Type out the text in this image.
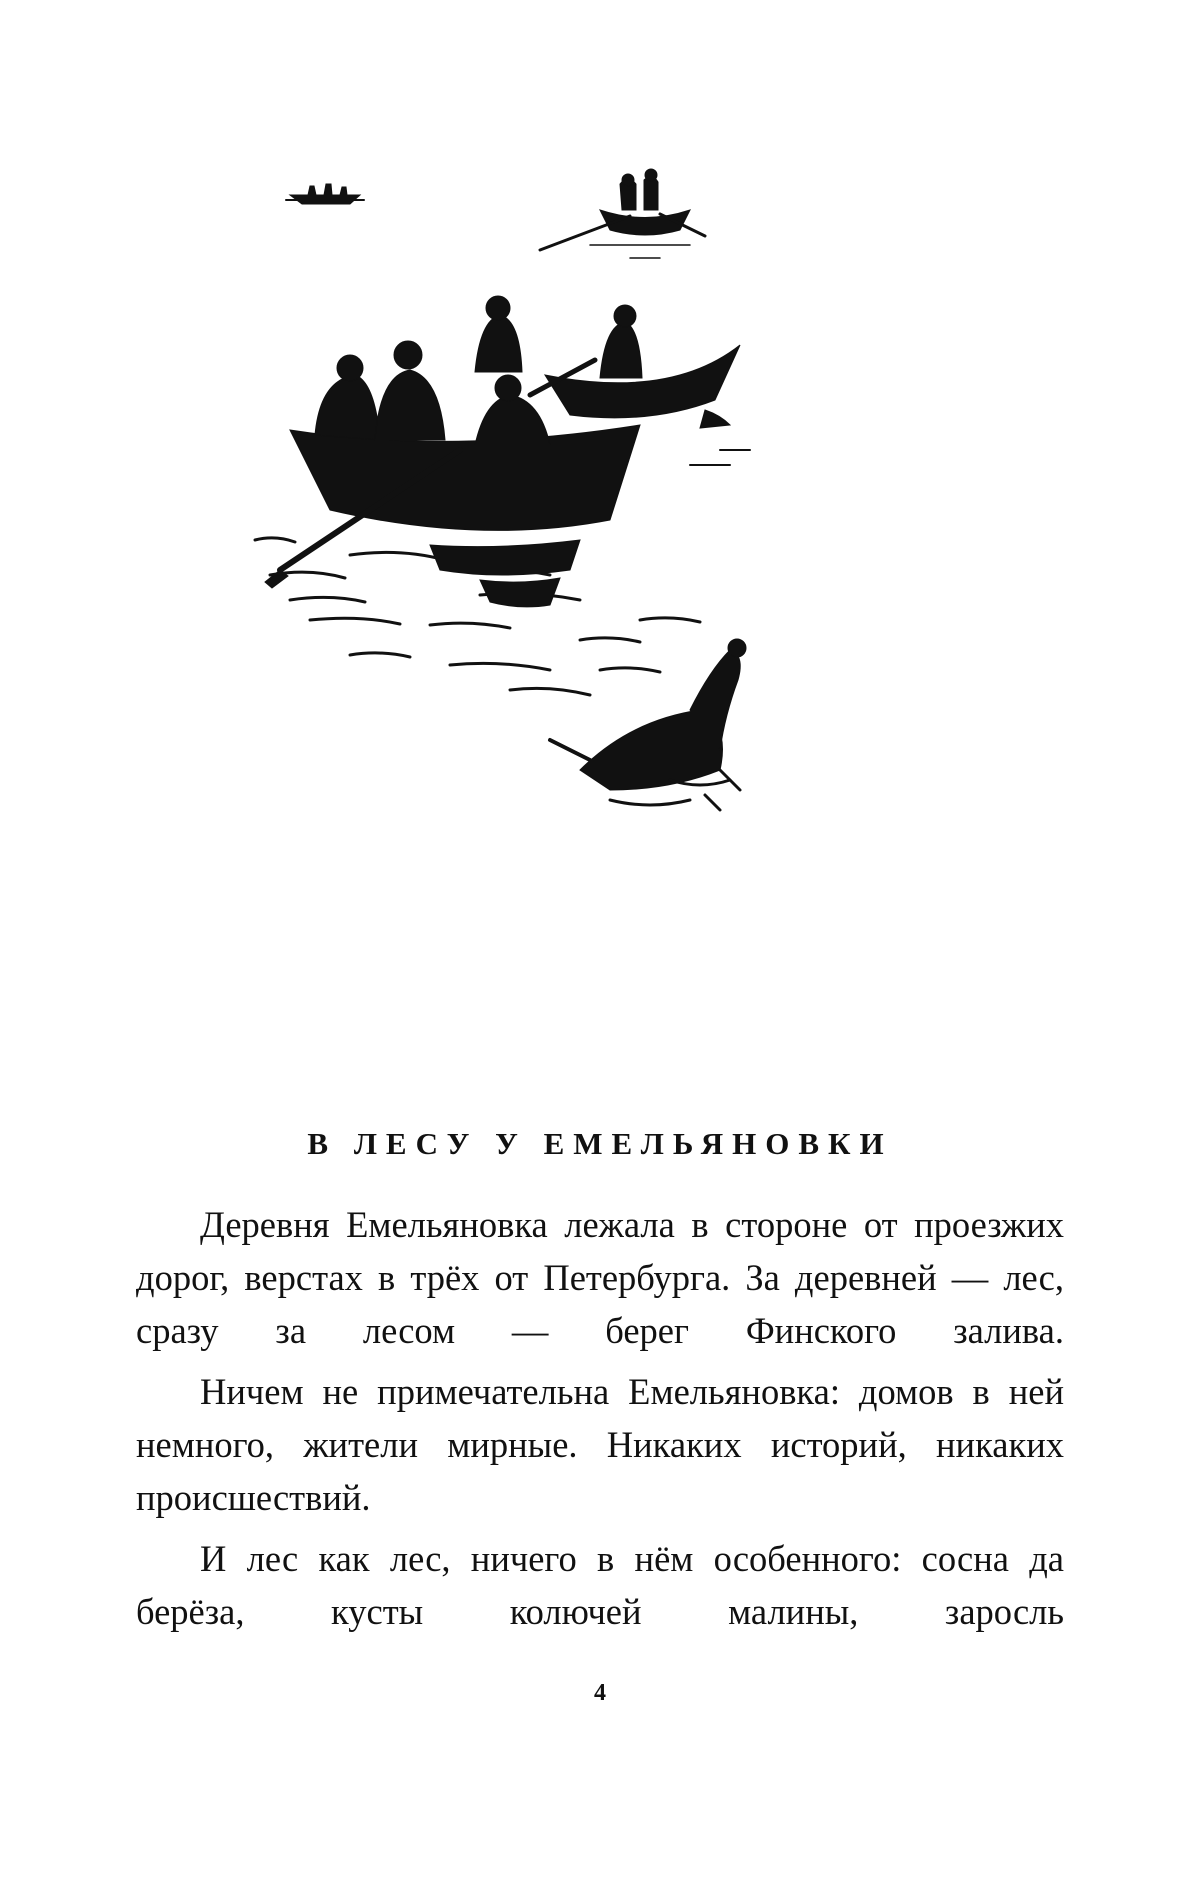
В ЛЕСУ У ЕМЕЛЬЯНОВКИ

Деревня Емельяновка лежала в стороне от проезжих дорог, верстах в трёх от Петербурга. За деревней — лес, сразу за лесом — берег Финского залива.

Ничем не примечательна Емельяновка: домов в ней немного, жители мирные. Никаких историй, никаких происшествий.

И лес как лес, ничего в нём особенного: сосна да берёза, кусты колючей малины, заросль

4
